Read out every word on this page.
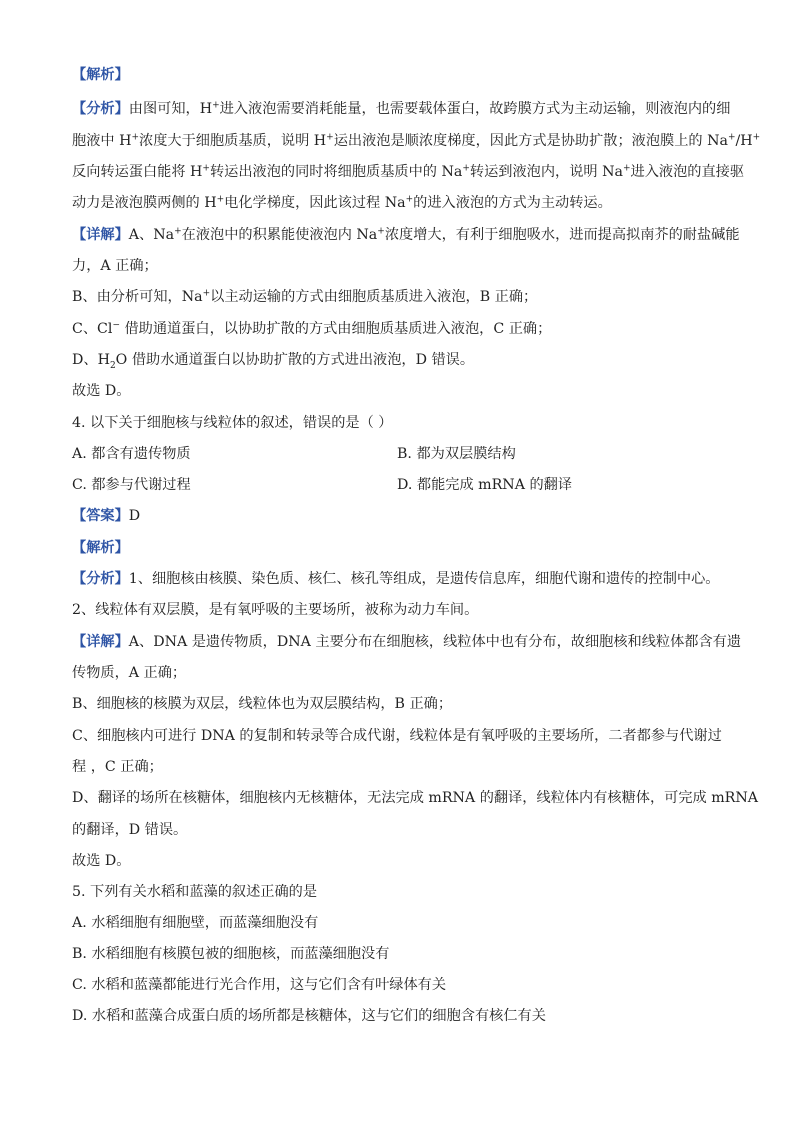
【解析】
【分析】由图可知，H+进入液泡需要消耗能量，也需要载体蛋白，故跨膜方式为主动运输，则液泡内的细
胞液中 H+浓度大于细胞质基质，说明 H+运出液泡是顺浓度梯度，因此方式是协助扩散；液泡膜上的 Na+/H+
反向转运蛋白能将 H+转运出液泡的同时将细胞质基质中的 Na+转运到液泡内，说明 Na+进入液泡的直接驱
动力是液泡膜两侧的 H+电化学梯度，因此该过程 Na+的进入液泡的方式为主动转运。
【详解】A、Na+在液泡中的积累能使液泡内 Na+浓度增大，有利于细胞吸水，进而提高拟南芥的耐盐碱能
力，A 正确；
B、由分析可知，Na+以主动运输的方式由细胞质基质进入液泡，B 正确；
C、Cl− 借助通道蛋白，以协助扩散的方式由细胞质基质进入液泡，C 正确；
D、$H_2O$ 借助水通道蛋白以协助扩散的方式进出液泡，D 错误。
故选 D。
4. 以下关于细胞核与线粒体的叙述，错误的是（ ）
A. 都含有遗传物质	B. 都为双层膜结构
C. 都参与代谢过程	D. 都能完成 mRNA 的翻译
【答案】D
【解析】
【分析】1、细胞核由核膜、染色质、核仁、核孔等组成，是遗传信息库，细胞代谢和遗传的控制中心。
2、线粒体有双层膜，是有氧呼吸的主要场所，被称为动力车间。
【详解】A、DNA 是遗传物质，DNA 主要分布在细胞核，线粒体中也有分布，故细胞核和线粒体都含有遗
传物质，A 正确；
B、细胞核的核膜为双层，线粒体也为双层膜结构，B 正确；
C、细胞核内可进行 DNA 的复制和转录等合成代谢，线粒体是有氧呼吸的主要场所，二者都参与代谢过
程 ，C 正确；
D、翻译的场所在核糖体，细胞核内无核糖体，无法完成 mRNA 的翻译，线粒体内有核糖体，可完成 mRNA
的翻译，D 错误。
故选 D。
5. 下列有关水稻和蓝藻的叙述正确的是
A. 水稻细胞有细胞壁，而蓝藻细胞没有
B. 水稻细胞有核膜包被的细胞核，而蓝藻细胞没有
C. 水稻和蓝藻都能进行光合作用，这与它们含有叶绿体有关
D. 水稻和蓝藻合成蛋白质的场所都是核糖体，这与它们的细胞含有核仁有关
